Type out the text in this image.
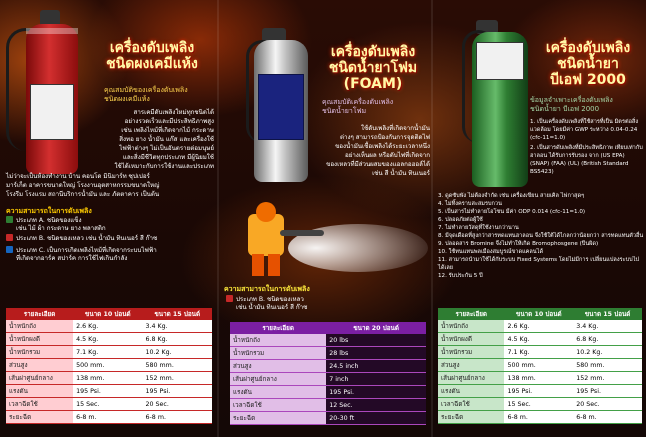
เครื่องดับเพลิง
ชนิดผงเคมีแห้ง
คุณสมบัติของเครื่องดับเพลิง
ชนิดผงเคมีแห้ง
สารเคมีดับเพลิงใหม่ทุกชนิดได้
อย่างรวดเร็วและมีประสิทธิภาพสูง
เช่น เพลิงไหม้ที่เกิดจากไม้ กระดาษ
สิ่งทอ ยาง น้ำมัน แก๊ส และเครื่องใช้
ไฟฟ้าต่างๆ ไม่เป็นอันตรายต่อมนุษย์
และสิ่งมีชีวิตทุกประเภท มีผู้นิยมใช้
ใช้ได้เหมาะกับการใช้งานและประเภท
ไม่ว่าจะเป็นห้องทำงาน บ้าน คอนโด มินิมาร์ท ซุปเปอร์
มาร์เก็ต อาคารขนาดใหญ่ โรงงานอุตสาหกรรมขนาดใหญ่
โรงรีม โรงแรม สถานีบริการน้ำมัน และ ภัตตาคาร เป็นต้น
ความสามารถในการดับเพลิง
ประเภท A. ชนิดของแข็ง
เช่น ไม้ ผ้า กระดาษ ยาง พลาสติก
ประเภท B. ชนิดของเหลว เช่น น้ำมัน ทินเนอร์ สี ก๊าซ
ประเภท C. เป็นการเกิดเพลิงไหม้ที่เกิดจากระบบไฟฟ้า
ที่เกิดจากอาร์ค สปาร์ค การใช้ไฟเกินกำลัง
รายละเอียด	ขนาด 10 ปอนด์	ขนาด 15 ปอนด์
น้ำหนักถัง	2.6 Kg.	3.4 Kg.
น้ำหนักผงดี	4.5 Kg.	6.8 Kg.
น้ำหนักรวม	7.1 Kg.	10.2 Kg.
ส่วนสูง	500 mm.	580 mm.
เส้นผ่าศูนย์กลาง	138 mm.	152 mm.
แรงดัน	195 Psi.	195 Psi.
เวลาฉีดใช้	15 Sec.	20 Sec.
ระยะฉีด	6-8 m.	6-8 m.
เครื่องดับเพลิง
ชนิดน้ำยาโฟม
(FOAM)
คุณสมบัติเครื่องดับเพลิง
ชนิดน้ำยาโฟม
ใช้ดับเพลิงที่เกิดจากน้ำมัน
ต่างๆ สามารถป้องกันการจุดติดไฟ
ของน้ำมันเชื้อเพลิงได้ระยะเวลาหนึ่ง
อย่างเห็นผล หรือดับไฟที่เกิดจาก
ของเหลวที่มีส่วนผสมของแอลกอฮอล์ได้
เช่น สี น้ำมัน ทินเนอร์
ความสามารถในการดับเพลิง
ประเภท B. ชนิดของเหลว
เช่น น้ำมัน ทินเนอร์ สี ก๊าซ
รายละเอียด	ขนาด 20 ปอนด์
น้ำหนักถัง	20 lbs
น้ำหนักรวม	28 lbs
ส่วนสูง	24.5 inch
เส้นผ่าศูนย์กลาง	7 inch
แรงดัน	195 Psi.
เวลาฉีดใช้	12 Sec.
ระยะฉีด	20-30 ft
เครื่องดับเพลิง
ชนิดน้ำยา
บีเอฟ 2000
ข้อมูลจำเพาะเครื่องดับเพลิง
ชนิดน้ำยา บีเอฟ 2000
1. เป็นเครื่องดับเพลิงที่ใช้สารที่เป็น มิตรต่อสิ่งแวดล้อม โดยมีค่า GWP ระหว่าง 0.04-0.24 (cfc-11=1.0)
2. เป็นสารดับเพลิงที่มีประสิทธิภาพ เทียบเท่ากับฮาลอน ได้รับการรับรอง จาก (US EPA) (SNAP) (FAA) (UL) (British Standard BS5423)
3. ดูดซับพัง ไม่ต้องจำกัด เช่น เครื่องเขียน สายเคิล ไฟกาสุดๆ
4. ไม่ทิ้งคราบสะสมรบกวน
5. เป็นสารไม่ทำลายโอโซน มีค่า ODP 0.014 (cfc-11=1.0)
6. ปลอดภัยต่อผู้ใช้
7. ไม่ทำลายวัสดุที่ใช้งานกว่านาน
8. มีจุดเดือดที่สูงกว่าสารทดแทนฮาลอน จึงใช้ใต้ได้ไกลกว่าน้อยกว่า สารทดแทนตัวอื่น
9. ปลอดสาร Bromine จึงไม่ทำให้เกิด Bromophosgene (ปีนผิด)
10. ใช้ทนแทนพลเมืองสมบูรณ์ขาดแคลนได้
11. สามารถนำมาใช้ได้กับระบบ Fixed Systems โดยไม่มีการ เปลี่ยนแปลงระบบไปได้เลย
12. รับประกัน 5 ปี
รายละเอียด	ขนาด 10 ปอนด์	ขนาด 15 ปอนด์
น้ำหนักถัง	2.6 Kg.	3.4 Kg.
น้ำหนักผงดี	4.5 Kg.	6.8 Kg.
น้ำหนักรวม	7.1 Kg.	10.2 Kg.
ส่วนสูง	500 mm.	580 mm.
เส้นผ่าศูนย์กลาง	138 mm.	152 mm.
แรงดัน	195 Psi.	195 Psi.
เวลาฉีดใช้	15 Sec.	20 Sec.
ระยะฉีด	6-8 m.	6-8 m.
